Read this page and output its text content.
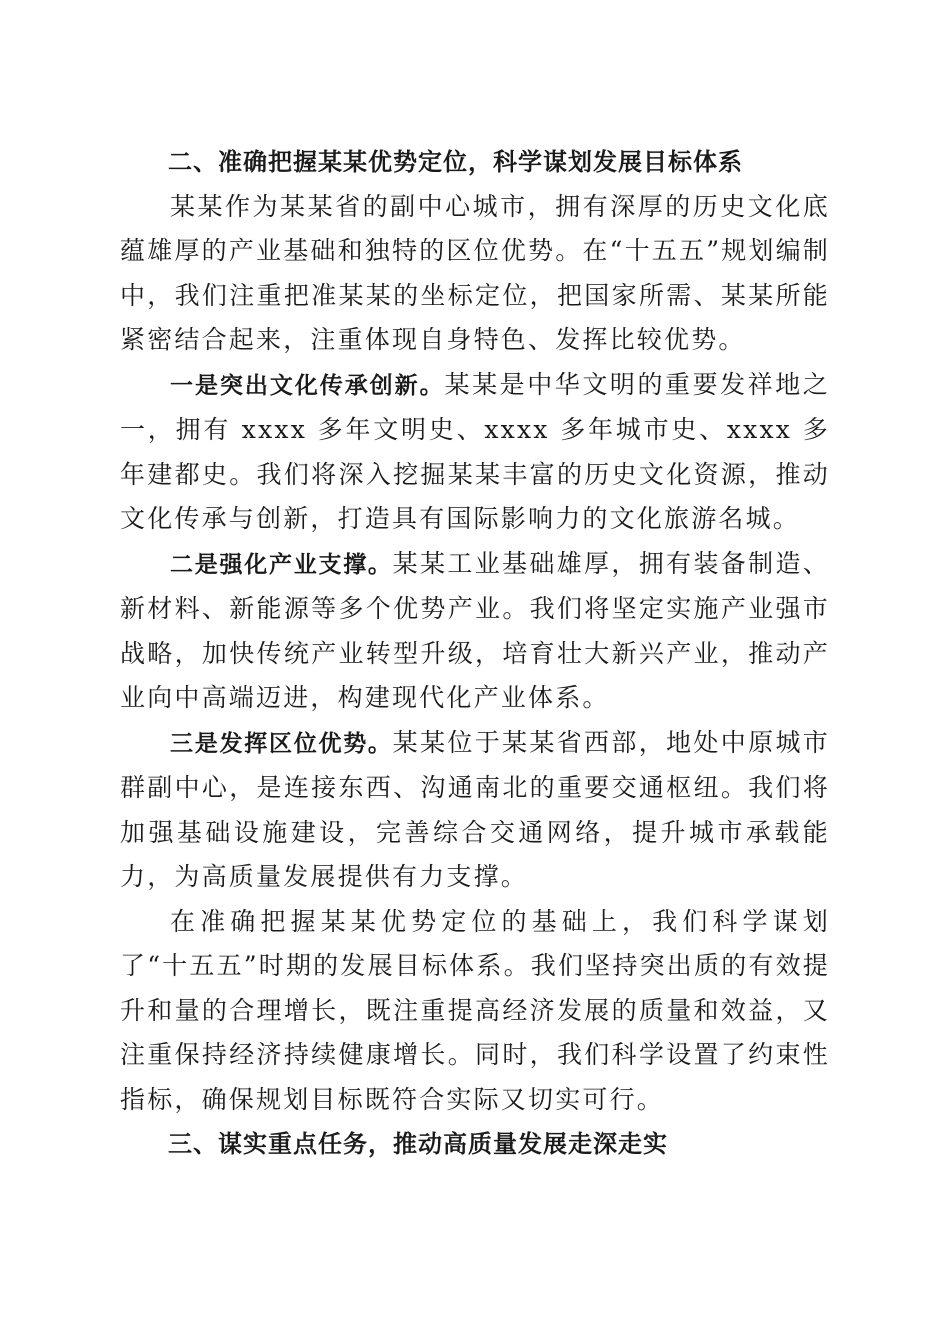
二、准确把握某某优势定位，科学谋划发展目标体系

某某作为某某省的副中心城市，拥有深厚的历史文化底蕴雄厚的产业基础和独特的区位优势。在“十五五”规划编制中，我们注重把准某某的坐标定位，把国家所需、某某所能紧密结合起来，注重体现自身特色、发挥比较优势。

一是突出文化传承创新。某某是中华文明的重要发祥地之一，拥有 xxxx 多年文明史、xxxx 多年城市史、xxxx 多年建都史。我们将深入挖掘某某丰富的历史文化资源，推动文化传承与创新，打造具有国际影响力的文化旅游名城。

二是强化产业支撑。某某工业基础雄厚，拥有装备制造、新材料、新能源等多个优势产业。我们将坚定实施产业强市战略，加快传统产业转型升级，培育壮大新兴产业，推动产业向中高端迈进，构建现代化产业体系。

三是发挥区位优势。某某位于某某省西部，地处中原城市群副中心，是连接东西、沟通南北的重要交通枢纽。我们将加强基础设施建设，完善综合交通网络，提升城市承载能力，为高质量发展提供有力支撑。

在准确把握某某优势定位的基础上，我们科学谋划了“十五五”时期的发展目标体系。我们坚持突出质的有效提升和量的合理增长，既注重提高经济发展的质量和效益，又注重保持经济持续健康增长。同时，我们科学设置了约束性指标，确保规划目标既符合实际又切实可行。

三、谋实重点任务，推动高质量发展走深走实
